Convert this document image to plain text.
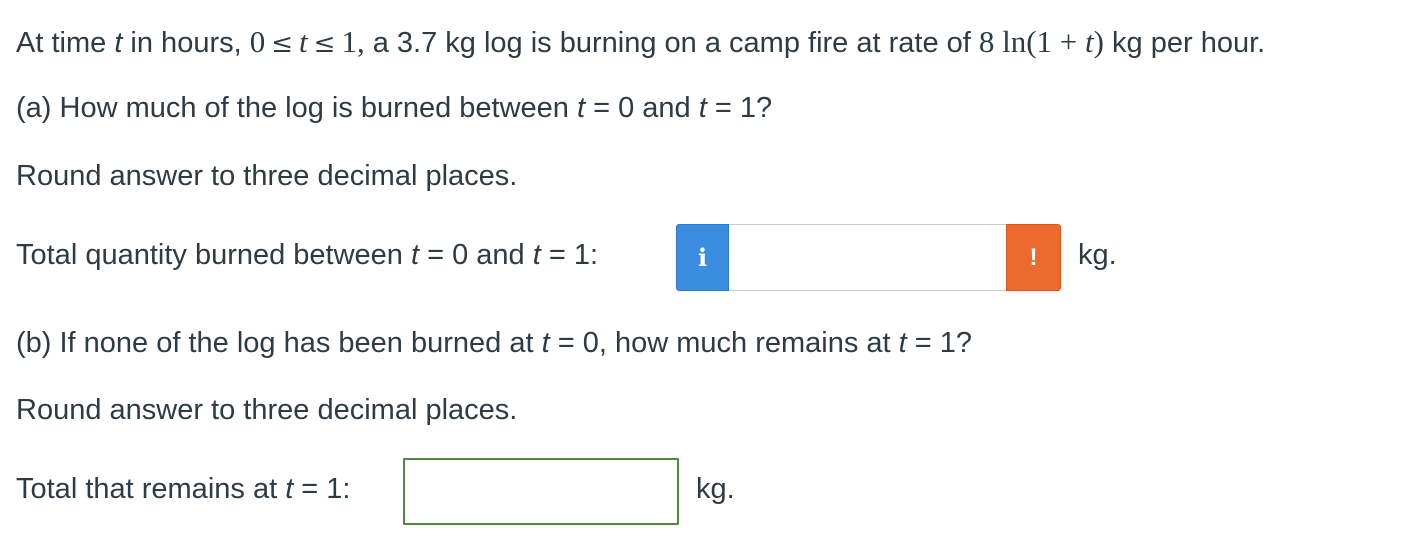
At time t in hours, 0 ≤ t ≤ 1, a 3.7 kg log is burning on a camp fire at rate of 8 ln(1 + t) kg per hour.
(a) How much of the log is burned between t = 0 and t = 1?
Round answer to three decimal places.
Total quantity burned between t = 0 and t = 1:	i	! kg.
(b) If none of the log has been burned at t = 0, how much remains at t = 1?
Round answer to three decimal places.
Total that remains at t = 1:	kg.
